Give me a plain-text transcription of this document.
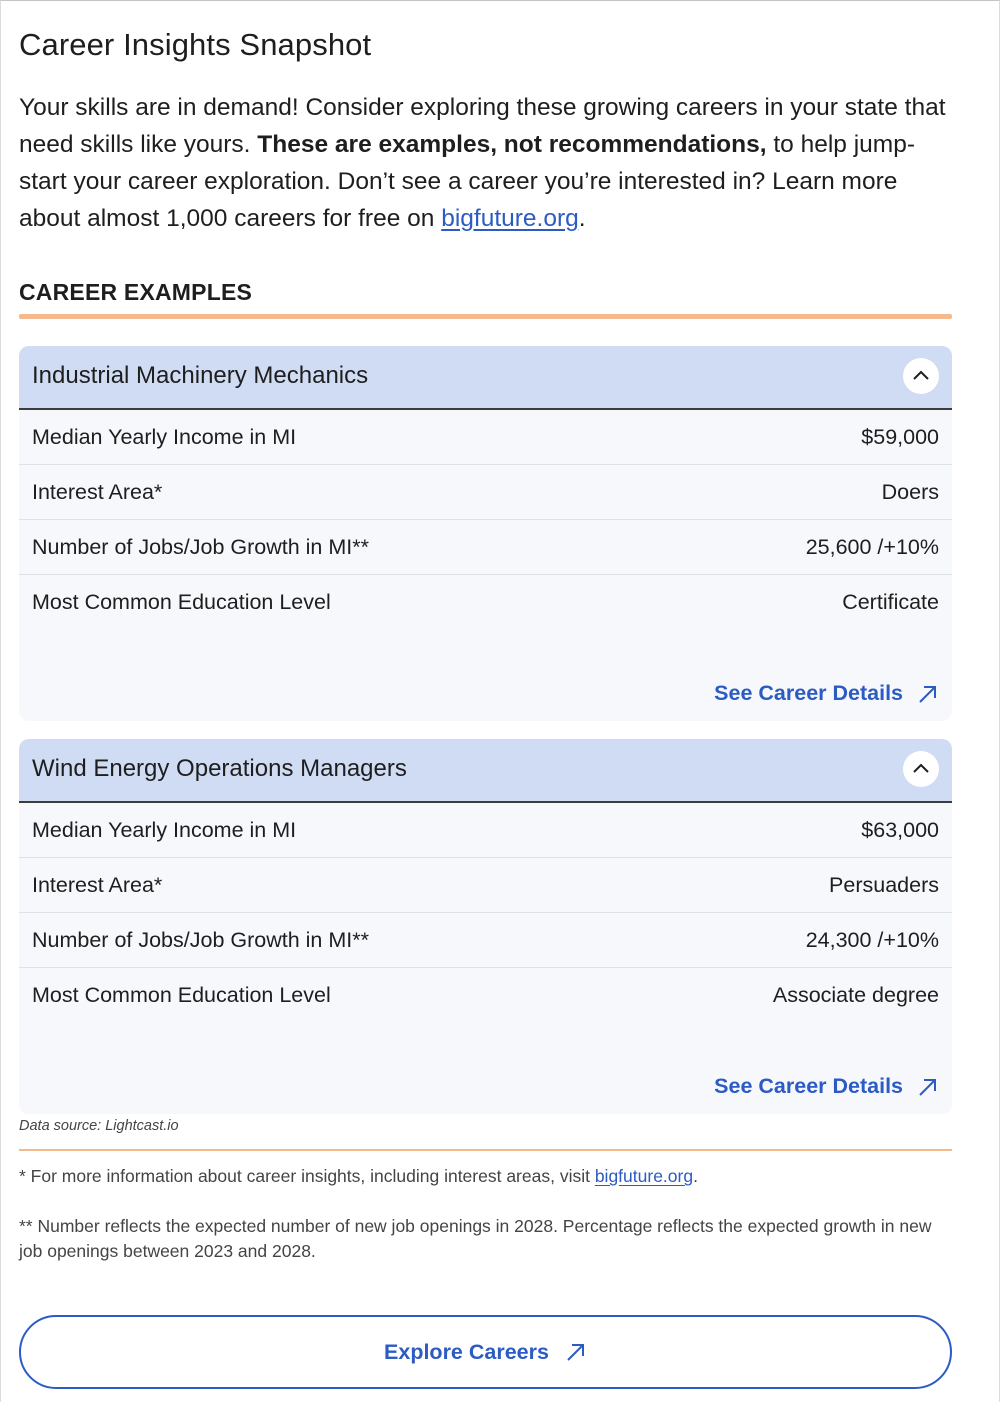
Career Insights Snapshot

Your skills are in demand! Consider exploring these growing careers in your state that need skills like yours. These are examples, not recommendations, to help jump-start your career exploration. Don’t see a career you’re interested in? Learn more about almost 1,000 careers for free on bigfuture.org.

CAREER EXAMPLES
Industrial Machinery Mechanics
Median Yearly Income in MI	$59,000
Interest Area*	Doers
Number of Jobs/Job Growth in MI**	25,600 /+10%
Most Common Education Level	Certificate
See Career Details
Wind Energy Operations Managers
Median Yearly Income in MI	$63,000
Interest Area*	Persuaders
Number of Jobs/Job Growth in MI**	24,300 /+10%
Most Common Education Level	Associate degree
See Career Details
Data source: Lightcast.io

* For more information about career insights, including interest areas, visit bigfuture.org.

** Number reflects the expected number of new job openings in 2028. Percentage reflects the expected growth in new job openings between 2023 and 2028.

Explore Careers
